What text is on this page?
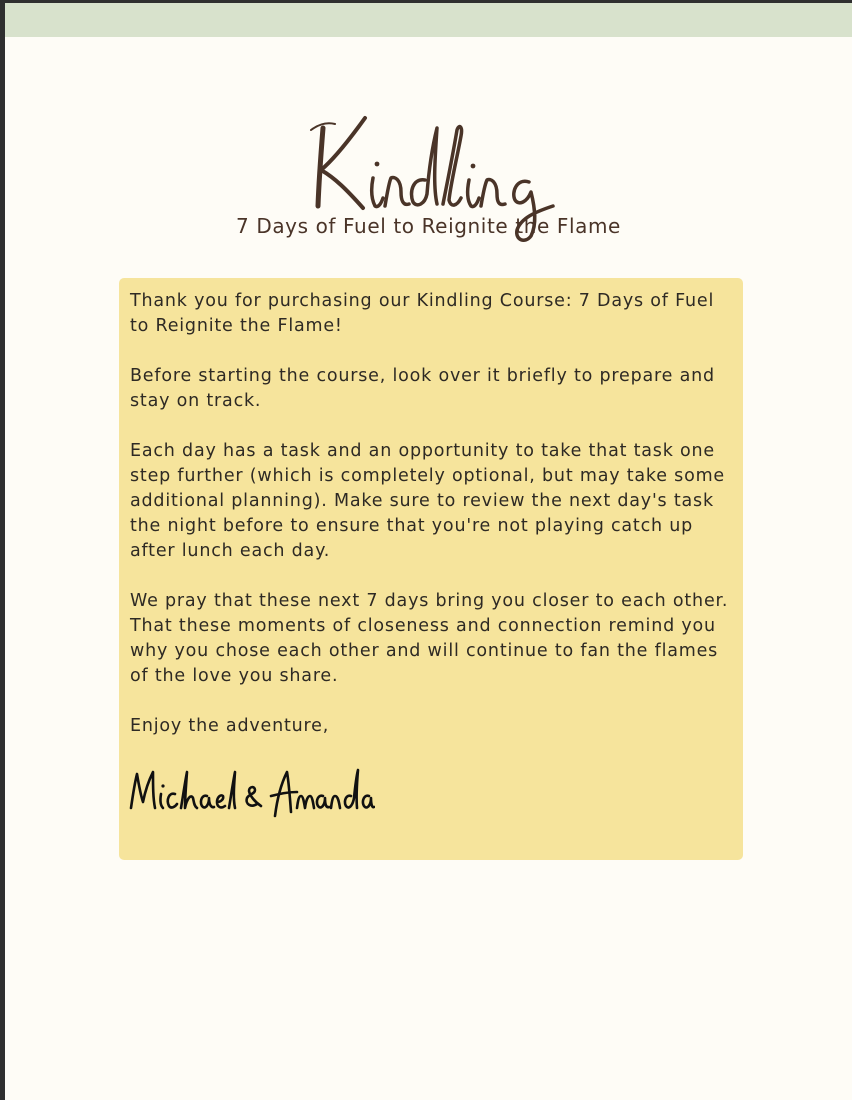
7 Days of Fuel to Reignite the Flame

Thank you for purchasing our Kindling Course: 7 Days of Fuel to Reignite the Flame!

Before starting the course, look over it briefly to prepare and stay on track.

Each day has a task and an opportunity to take that task one step further (which is completely optional, but may take some additional planning). Make sure to review the next day's task the night before to ensure that you're not playing catch up after lunch each day.

We pray that these next 7 days bring you closer to each other. That these moments of closeness and connection remind you why you chose each other and will continue to fan the flames of the love you share.

Enjoy the adventure,
